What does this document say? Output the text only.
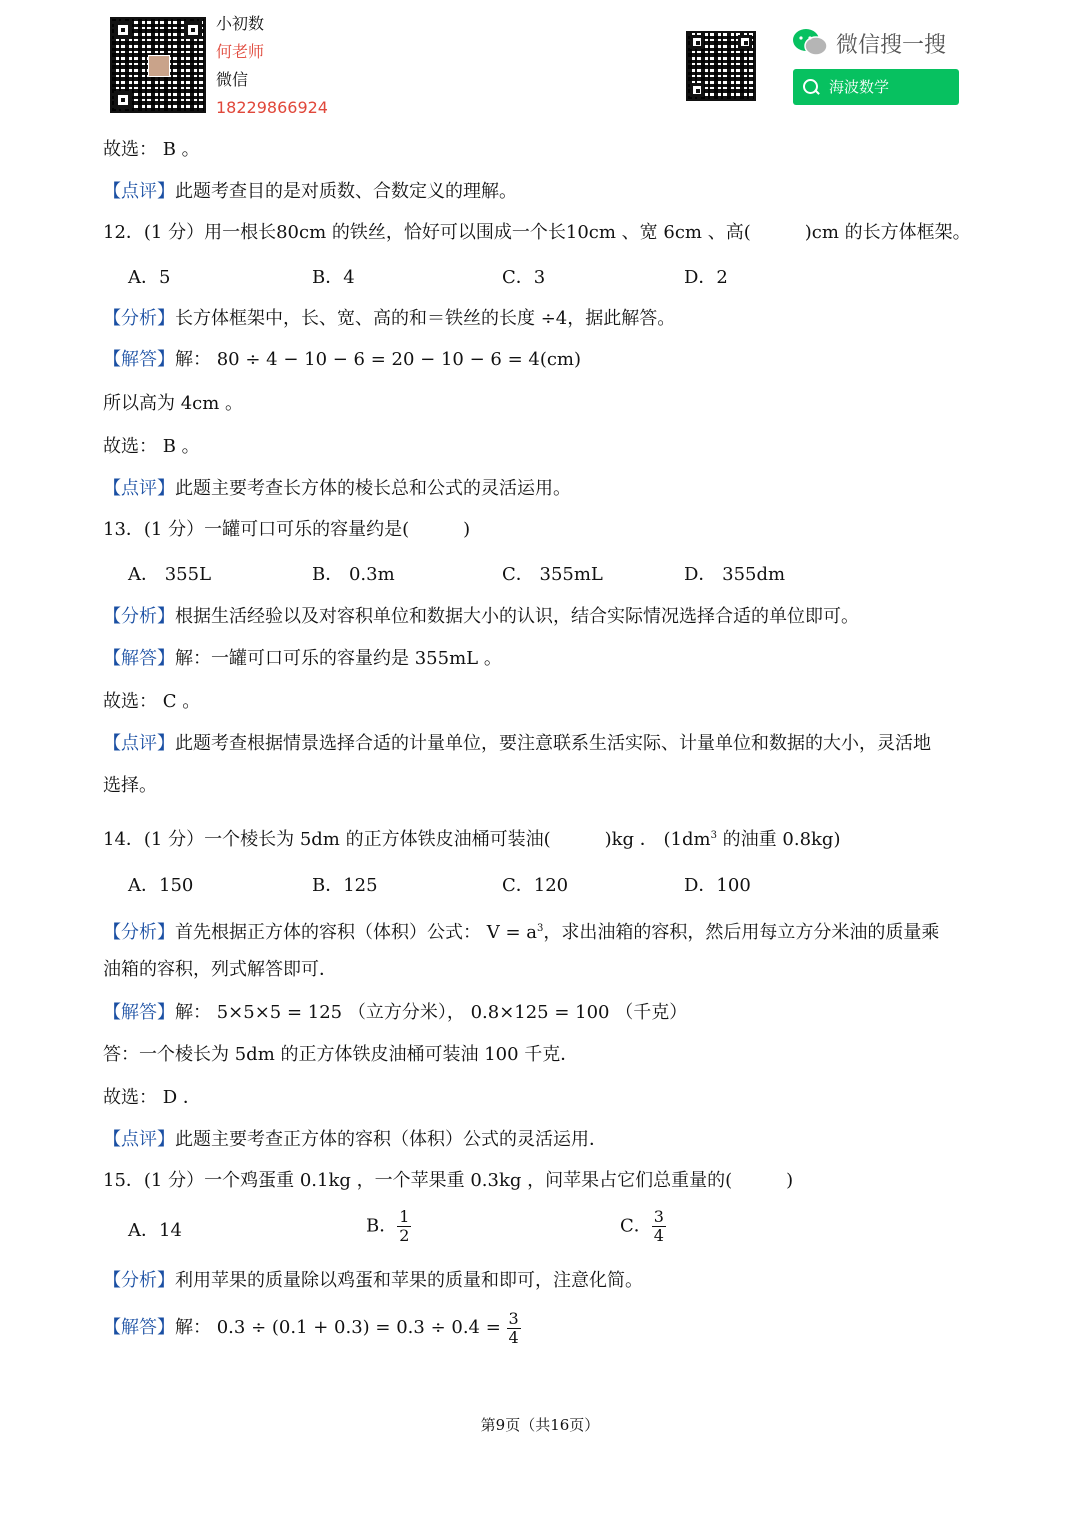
小初数
何老师
微信
18229866924
微信搜一搜
海波数学
故选： B 。
【点评】此题考查目的是对质数、合数定义的理解。
12．(1 分）用一根长80cm 的铁丝，恰好可以围成一个长10cm 、宽 6cm 、高(　　　)cm 的长方体框架。
A．5	B．4	C．3	D．2
【分析】长方体框架中，长、宽、高的和＝铁丝的长度 ÷4，据此解答。
【解答】解： 80 ÷ 4 − 10 − 6 = 20 − 10 − 6 = 4(cm)
所以高为 4cm 。
故选： B 。
【点评】此题主要考查长方体的棱长总和公式的灵活运用。
13．(1 分）一罐可口可乐的容量约是(　　　)
A． 355L	B． 0.3m	C． 355mL	D． 355dm
【分析】根据生活经验以及对容积单位和数据大小的认识，结合实际情况选择合适的单位即可。
【解答】解：一罐可口可乐的容量约是 355mL 。
故选： C 。
【点评】此题考查根据情景选择合适的计量单位，要注意联系生活实际、计量单位和数据的大小，灵活地
选择。
14．(1 分）一个棱长为 5dm 的正方体铁皮油桶可装油(　　　)kg ． ($1dm^3$ 的油重 0.8kg)
A．150	B．125	C．120	D．100
【分析】首先根据正方体的容积（体积）公式： $V = a^3$，求出油箱的容积，然后用每立方分米油的质量乘
油箱的容积，列式解答即可．
【解答】解： 5×5×5 = 125 （立方分米）， 0.8×125 = 100 （千克）
答：一个棱长为 5dm 的正方体铁皮油桶可装油 100 千克．
故选： D ．
【点评】此题主要考查正方体的容积（体积）公式的灵活运用．
15．(1 分）一个鸡蛋重 0.1kg ，一个苹果重 0.3kg ，问苹果占它们总重量的(　　　)
A．14	B． $\frac{1}{2}$	C． $\frac{3}{4}$
【分析】利用苹果的质量除以鸡蛋和苹果的质量和即可，注意化简。
【解答】解： $0.3 \div (0.1 + 0.3) = 0.3 \div 0.4 = \frac{3}{4}$
第9页（共16页）
